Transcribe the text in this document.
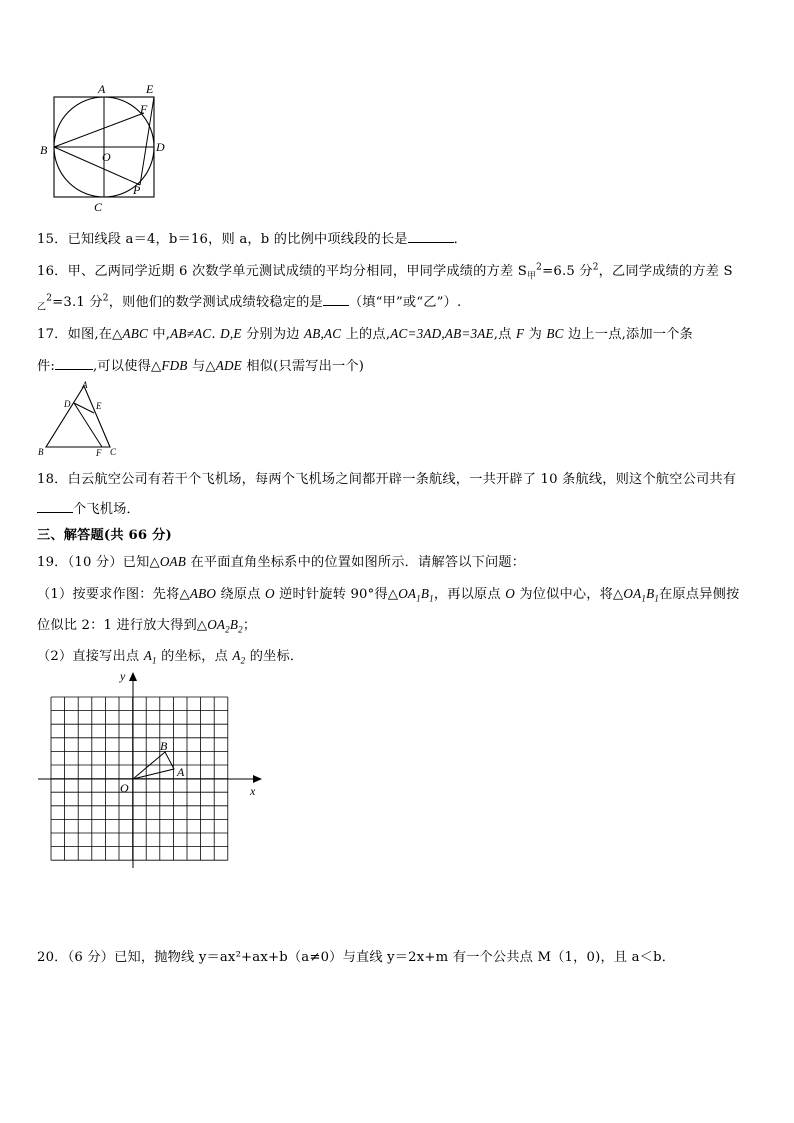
A	E
F
B	O
D
P
C
15．已知线段 a＝4，b＝16，则 a，b 的比例中项线段的长是	．
16．甲、乙两同学近期 6 次数学单元测试成绩的平均分相同，甲同学成绩的方差 $S_甲^2=6.5$ 分$^2$，乙同学成绩的方差 S
$_乙^2$=3.1 分$^2$，则他们的数学测试成绩较稳定的是 （填“甲”或“乙”）.
17．如图,在△ABC 中,AB≠AC. D,E 分别为边 AB,AC 上的点,AC=3AD,AB=3AE,点 F 为 BC 边上一点,添加一个条
件:	,可以使得△FDB 与△ADE 相似(只需写出一个)
A
D	E
B	F C
18．白云航空公司有若干个飞机场，每两个飞机场之间都开辟一条航线，一共开辟了 10 条航线，则这个航空公司共有
个飞机场．
三、解答题(共 66 分)
19．（10 分）已知△OAB 在平面直角坐标系中的位置如图所示．请解答以下问题：
（1）按要求作图：先将△ABO 绕原点 O 逆时针旋转 90°得$\triangle OA_1B_1$，再以原点 O 为位似中心，将$\triangle OA_1B_1$在原点异侧按
位似比 2：1 进行放大得到$\triangle OA_2B_2$；
（2）直接写出点 $A_1$ 的坐标，点 $A_2$ 的坐标．
y
x
O
A
B
20．（6 分）已知，抛物线 y＝ax²+ax+b（a≠0）与直线 y＝2x+m 有一个公共点 M（1，0)，且 a＜b．
